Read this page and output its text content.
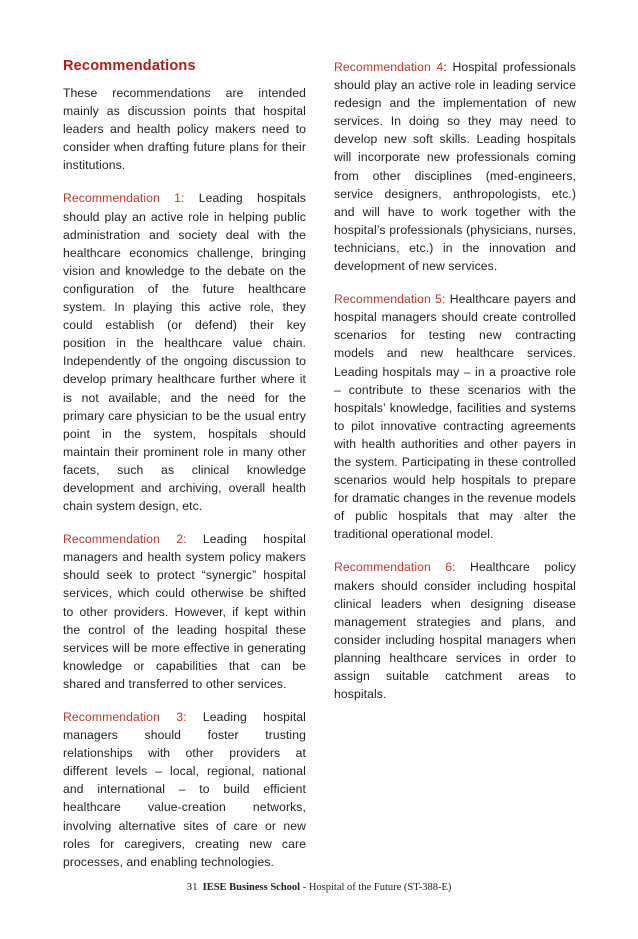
Recommendations

These recommendations are intended mainly as discussion points that hospital leaders and health policy makers need to consider when drafting future plans for their institutions.

Recommendation 1: Leading hospitals should play an active role in helping public administration and society deal with the healthcare economics challenge, bringing vision and knowledge to the debate on the configuration of the future healthcare system. In playing this active role, they could establish (or defend) their key position in the healthcare value chain. Independently of the ongoing discussion to develop primary healthcare further where it is not available, and the need for the primary care physician to be the usual entry point in the system, hospitals should maintain their prominent role in many other facets, such as clinical knowledge development and archiving, overall health chain system design, etc.

Recommendation 2: Leading hospital managers and health system policy makers should seek to protect “synergic” hospital services, which could otherwise be shifted to other providers. However, if kept within the control of the leading hospital these services will be more effective in generating knowledge or capabilities that can be shared and transferred to other services.

Recommendation 3: Leading hospital managers should foster trusting relationships with other providers at different levels – local, regional, national and international – to build efficient healthcare value-creation networks, involving alternative sites of care or new roles for caregivers, creating new care processes, and enabling technologies.

Recommendation 4: Hospital professionals should play an active role in leading service redesign and the implementation of new services. In doing so they may need to develop new soft skills. Leading hospitals will incorporate new professionals coming from other disciplines (med-engineers, service designers, anthropologists, etc.) and will have to work together with the hospital’s professionals (physicians, nurses, technicians, etc.) in the innovation and development of new services.

Recommendation 5: Healthcare payers and hospital managers should create controlled scenarios for testing new contracting models and new healthcare services. Leading hospitals may – in a proactive role – contribute to these scenarios with the hospitals’ knowledge, facilities and systems to pilot innovative contracting agreements with health authorities and other payers in the system. Participating in these controlled scenarios would help hospitals to prepare for dramatic changes in the revenue models of public hospitals that may alter the traditional operational model.

Recommendation 6: Healthcare policy makers should consider including hospital clinical leaders when designing disease management strategies and plans, and consider including hospital managers when planning healthcare services in order to assign suitable catchment areas to hospitals.

31 IESE Business School - Hospital of the Future (ST-388-E)
